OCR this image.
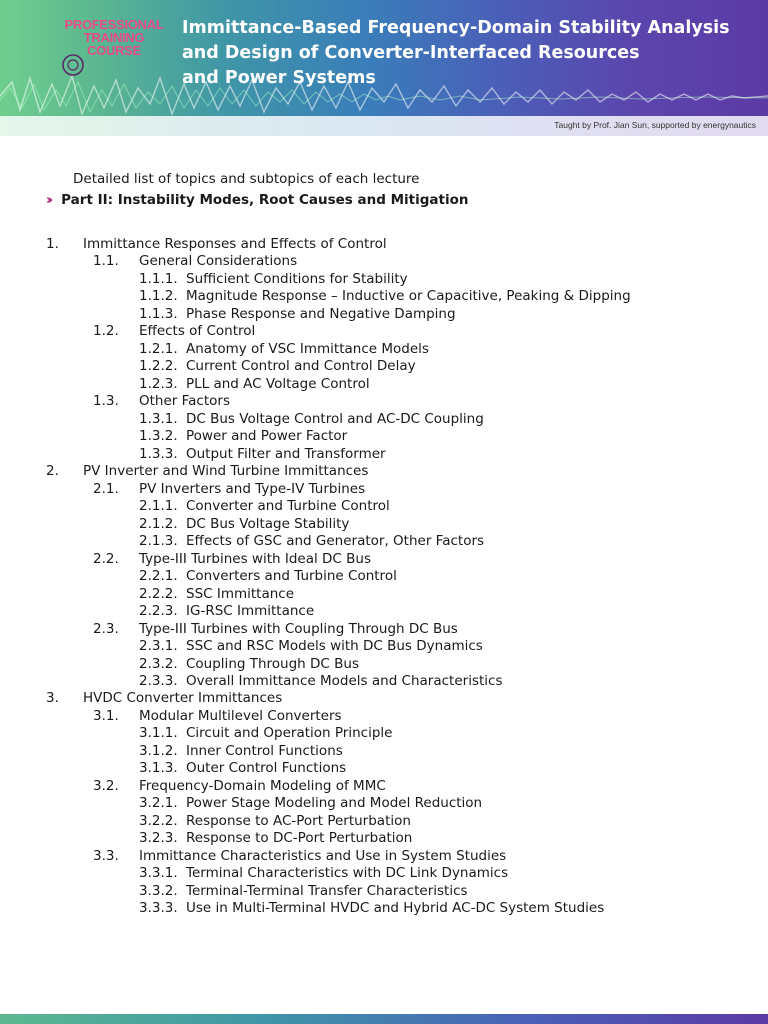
PROFESSIONAL
TRAINING
COURSE
Immittance-Based Frequency-Domain Stability Analysis
and Design of Converter-Interfaced Resources
and Power Systems
Taught by Prof. Jian Sun, supported by energynautics
Detailed list of topics and subtopics of each lecture
›› Part II: Instability Modes, Root Causes and Mitigation
1. Immittance Responses and Effects of Control
1.1. General Considerations
1.1.1. Sufficient Conditions for Stability
1.1.2. Magnitude Response – Inductive or Capacitive, Peaking & Dipping
1.1.3. Phase Response and Negative Damping
1.2. Effects of Control
1.2.1. Anatomy of VSC Immittance Models
1.2.2. Current Control and Control Delay
1.2.3. PLL and AC Voltage Control
1.3. Other Factors
1.3.1. DC Bus Voltage Control and AC-DC Coupling
1.3.2. Power and Power Factor
1.3.3. Output Filter and Transformer
2. PV Inverter and Wind Turbine Immittances
2.1. PV Inverters and Type-IV Turbines
2.1.1. Converter and Turbine Control
2.1.2. DC Bus Voltage Stability
2.1.3. Effects of GSC and Generator, Other Factors
2.2. Type-III Turbines with Ideal DC Bus
2.2.1. Converters and Turbine Control
2.2.2. SSC Immittance
2.2.3. IG-RSC Immittance
2.3. Type-III Turbines with Coupling Through DC Bus
2.3.1. SSC and RSC Models with DC Bus Dynamics
2.3.2. Coupling Through DC Bus
2.3.3. Overall Immittance Models and Characteristics
3. HVDC Converter Immittances
3.1. Modular Multilevel Converters
3.1.1. Circuit and Operation Principle
3.1.2. Inner Control Functions
3.1.3. Outer Control Functions
3.2. Frequency-Domain Modeling of MMC
3.2.1. Power Stage Modeling and Model Reduction
3.2.2. Response to AC-Port Perturbation
3.2.3. Response to DC-Port Perturbation
3.3. Immittance Characteristics and Use in System Studies
3.3.1. Terminal Characteristics with DC Link Dynamics
3.3.2. Terminal-Terminal Transfer Characteristics
3.3.3. Use in Multi-Terminal HVDC and Hybrid AC-DC System Studies
